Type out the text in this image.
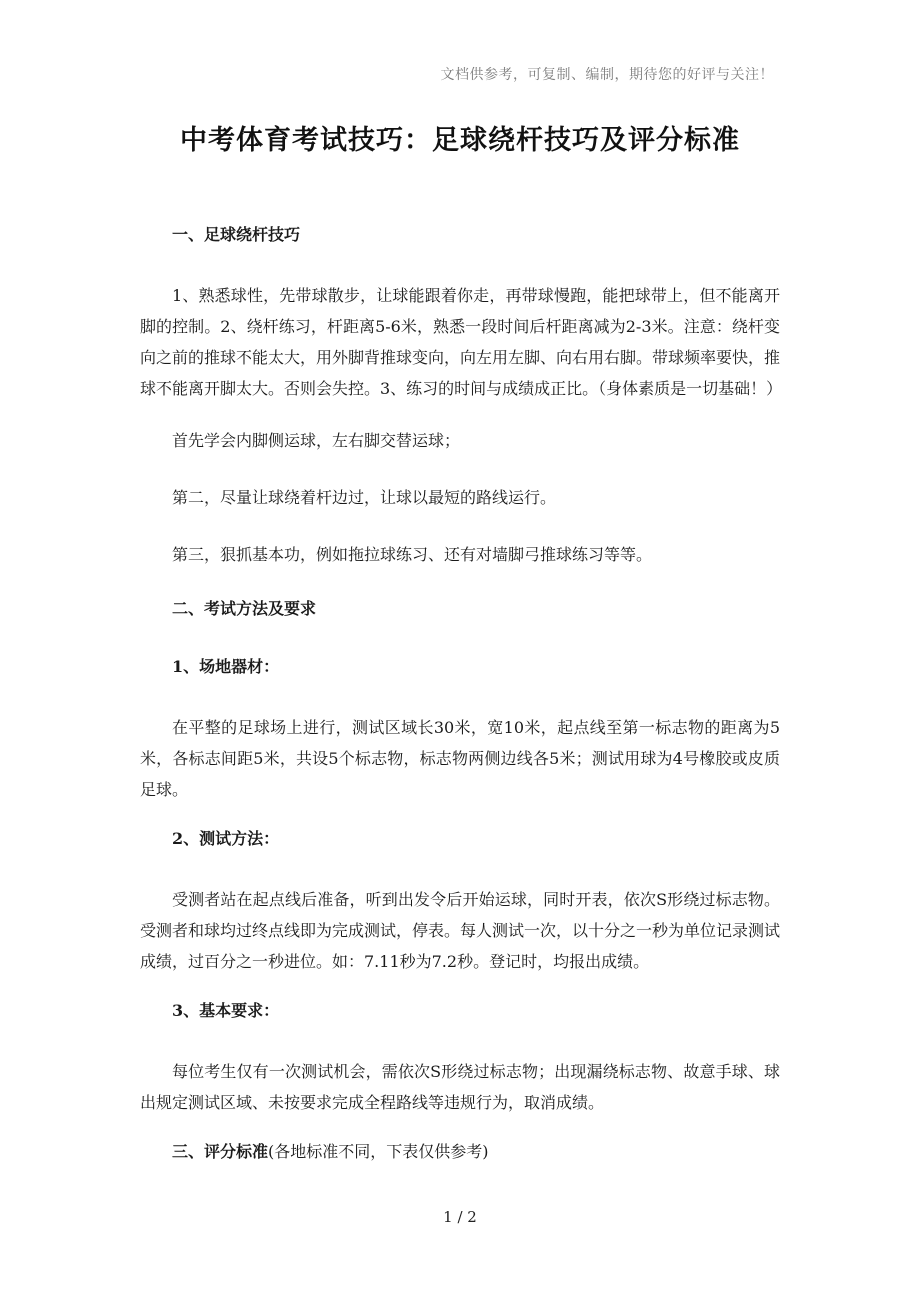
文档供参考，可复制、编制，期待您的好评与关注！
中考体育考试技巧：足球绕杆技巧及评分标准
一、足球绕杆技巧

1、熟悉球性，先带球散步，让球能跟着你走，再带球慢跑，能把球带上，但不能离开脚的控制。2、绕杆练习，杆距离5-6米，熟悉一段时间后杆距离减为2-3米。注意：绕杆变向之前的推球不能太大，用外脚背推球变向，向左用左脚、向右用右脚。带球频率要快，推球不能离开脚太大。否则会失控。3、练习的时间与成绩成正比。（身体素质是一切基础！）

首先学会内脚侧运球，左右脚交替运球；

第二，尽量让球绕着杆边过，让球以最短的路线运行。

第三，狠抓基本功，例如拖拉球练习、还有对墙脚弓推球练习等等。

二、考试方法及要求
1、场地器材：

在平整的足球场上进行，测试区域长30米，宽10米，起点线至第一标志物的距离为5米，各标志间距5米，共设5个标志物，标志物两侧边线各5米；测试用球为4号橡胶或皮质足球。

2、测试方法：

受测者站在起点线后准备，听到出发令后开始运球，同时开表，依次S形绕过标志物。受测者和球均过终点线即为完成测试，停表。每人测试一次，以十分之一秒为单位记录测试成绩，过百分之一秒进位。如：7.11秒为7.2秒。登记时，均报出成绩。

3、基本要求：

每位考生仅有一次测试机会，需依次S形绕过标志物；出现漏绕标志物、故意手球、球出规定测试区域、未按要求完成全程路线等违规行为，取消成绩。

三、评分标准(各地标准不同，下表仅供参考)
1 / 2
